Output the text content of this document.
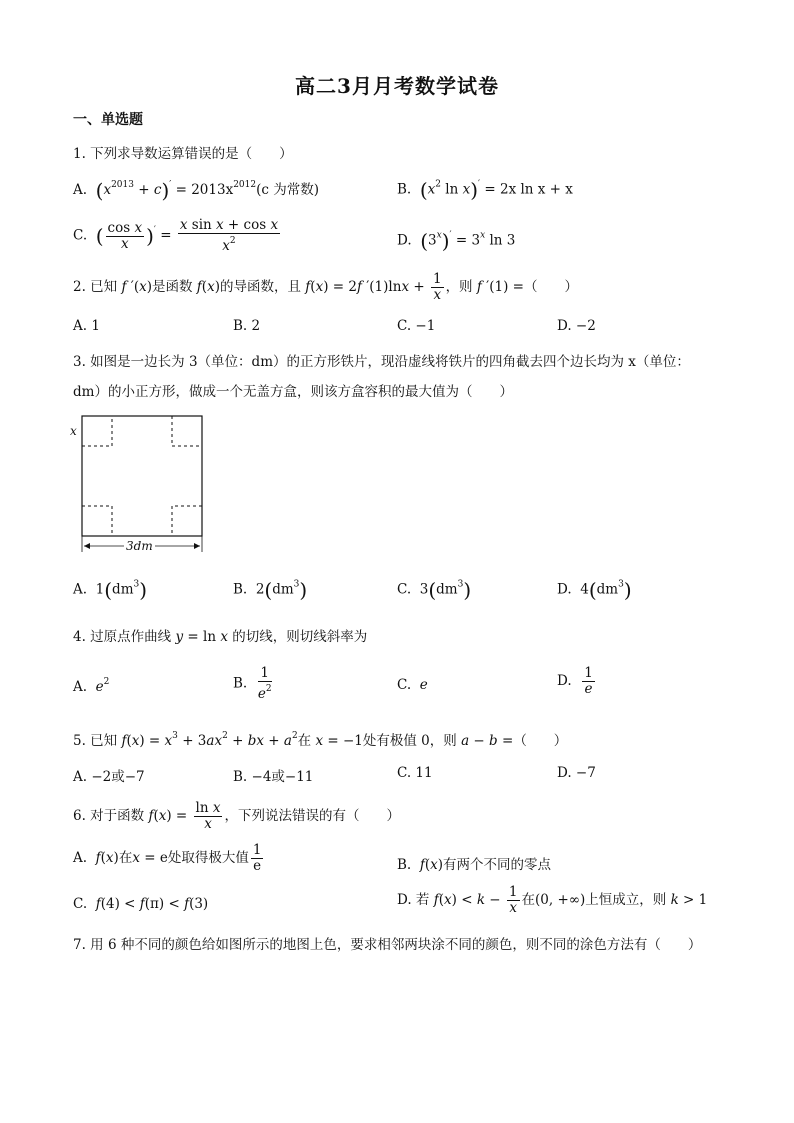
高二3月月考数学试卷
一、单选题
1. 下列求导数运算错误的是（　　）
A. $(x^{2013} + c)' = 2013x^{2012}(c$ 为常数)	B. ($x^2$ ln x)′ = 2x ln x + x
C. ( $\frac{\text{cos x}}{x} )' = \frac{\text{x sin x + cos x}}{x^2}$	D. $(3^x)' = 3^x$ ln 3
2. 已知 f ′(x)是函数 f(x)的导函数，且 f(x) = 2f $'(1)\ln x + \frac{1}{x}$ ，则 f ′(1) =（　　）
A. 1	B. 2	C. −1	D. −2
3. 如图是一边长为 3（单位：dm）的正方形铁片，现沿虚线将铁片的四角截去四个边长均为 x（单位：
dm）的小正方形，做成一个无盖方盒，则该方盒容积的最大值为（　　）
x
3dm
A. $1(dm^3)$	B. $2(dm^3)$	C. $3(dm^3)$	D. $4(dm^3)$
4. 过原点作曲线 y = ln x 的切线，则切线斜率为
A. $e^2$	B. $\frac{1}{e^2}$	C. e	D. $\frac{1}{e}$
5. 已知 $f(x) = x^3 + 3ax^2$ + bx + $a^2$在 x = −1处有极值 0，则 a − b =（　　）
A. −2或−7	B. −4或−11	C. 11	D. −7
6. 对于函数 $f(x) = \frac{\text{ln x}}{x}$ ，下列说法错误的有（　　）
A. f(x)在x = e处取得极大值 $\frac{1}{e}$	B. f(x)有两个不同的零点
C. f(4) < f(π) < f(3)	D. 若 $f(x) < k - \frac{1}{x}$ 在(0, +∞)上恒成立，则 k > 1
7. 用 6 种不同的颜色给如图所示的地图上色，要求相邻两块涂不同的颜色，则不同的涂色方法有（　　）
